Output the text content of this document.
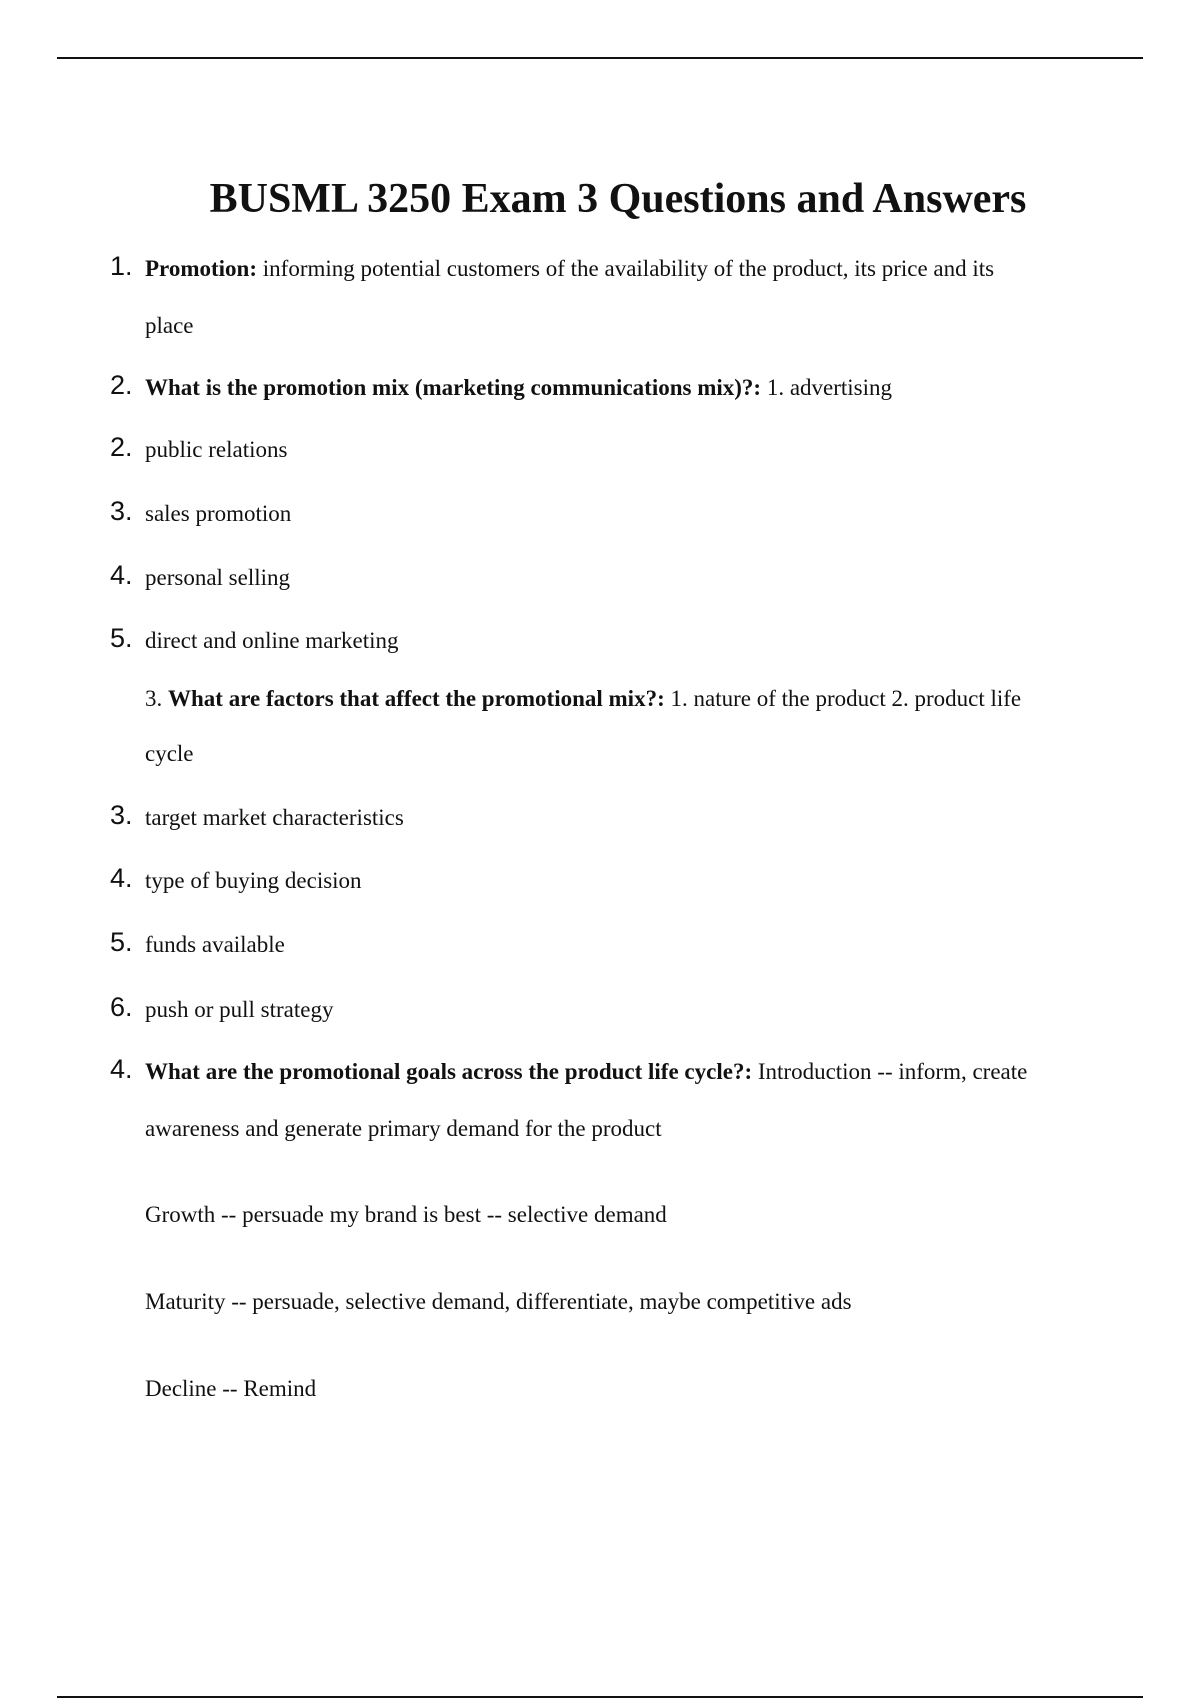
BUSML 3250 Exam 3 Questions and Answers
1. Promotion: informing potential customers of the availability of the product, its price and its
place
2. What is the promotion mix (marketing communications mix)?: 1. advertising
2. public relations
3. sales promotion
4. personal selling
5. direct and online marketing
3. What are factors that affect the promotional mix?: 1. nature of the product 2. product life
cycle
3. target market characteristics
4. type of buying decision
5. funds available
6. push or pull strategy
4. What are the promotional goals across the product life cycle?: Introduction -- inform, create
awareness and generate primary demand for the product
Growth -- persuade my brand is best -- selective demand
Maturity -- persuade, selective demand, differentiate, maybe competitive ads
Decline -- Remind
